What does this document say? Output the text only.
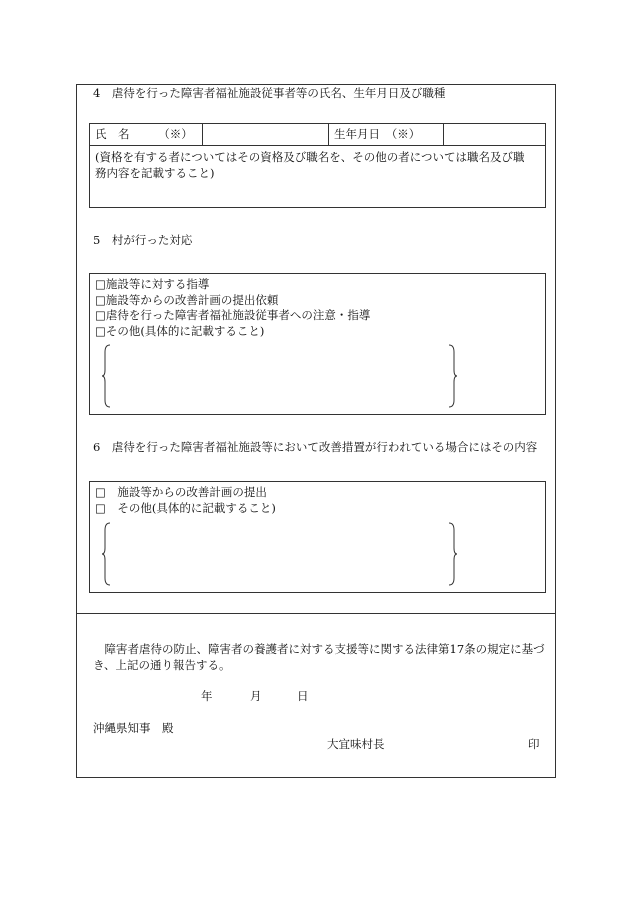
4　虐待を行った障害者福祉施設従事者等の氏名、生年月日及び職種
氏　名　　　（※）	生年月日　（※）
(資格を有する者についてはその資格及び職名を、その他の者については職名及び職
務内容を記載すること)
5　村が行った対応
□施設等に対する指導
□施設等からの改善計画の提出依頼
□虐待を行った障害者福祉施設従事者への注意・指導
□その他(具体的に記載すること)
6　虐待を行った障害者福祉施設等において改善措置が行われている場合にはその内容
□　施設等からの改善計画の提出
□　その他(具体的に記載すること)
　障害者虐待の防止、障害者の養護者に対する支援等に関する法律第17条の規定に基づ
き、上記の通り報告する。
年	月	日
沖縄県知事　殿
大宜味村長	印
